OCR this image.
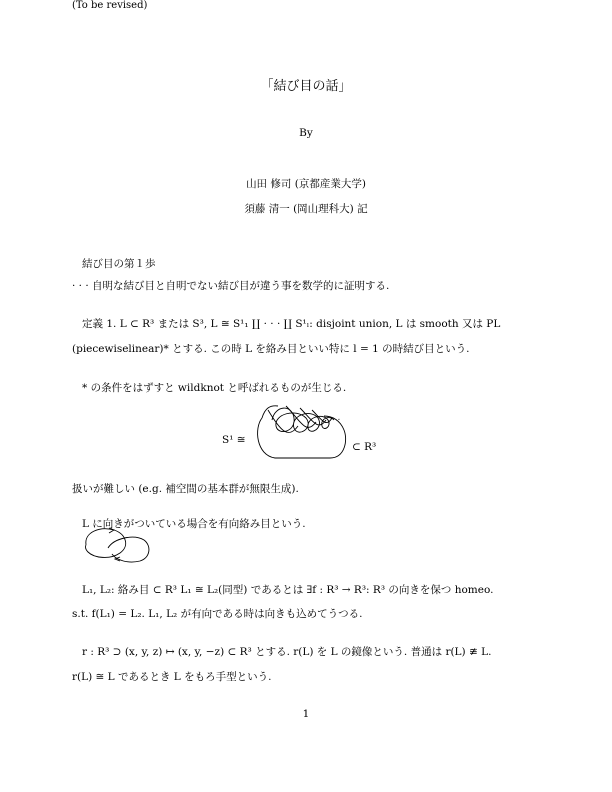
(To be revised)
「結び目の話」
By
山田 修司 (京都産業大学)
須藤 清一 (岡山理科大) 記
結び目の第１歩
· · · 自明な結び目と自明でない結び目が違う事を数学的に証明する.
定義 1. L ⊂ R³ または S³, L ≅ S¹₁ ∐ · · · ∐ S¹ₗ: disjoint union, L は smooth 又は PL
(piecewiselinear)* とする. この時 L を絡み目といい特に l = 1 の時結び目という.
* の条件をはずすと wildknot と呼ばれるものが生じる.
S¹ ≅
⊂ R³
扱いが難しい (e.g. 補空間の基本群が無限生成).
L に向きがついている場合を有向絡み目という.
L₁, L₂: 絡み目 ⊂ R³ L₁ ≅ L₂(同型) であるとは ∃f : R³ → R³: R³ の向きを保つ homeo.
s.t. f(L₁) = L₂. L₁, L₂ が有向である時は向きも込めてうつる.
r : R³ ⊃ (x, y, z) ↦ (x, y, −z) ⊂ R³ とする. r(L) を L の鏡像という. 普通は r(L) ≇ L.
r(L) ≅ L であるとき L をもろ手型という.
1
